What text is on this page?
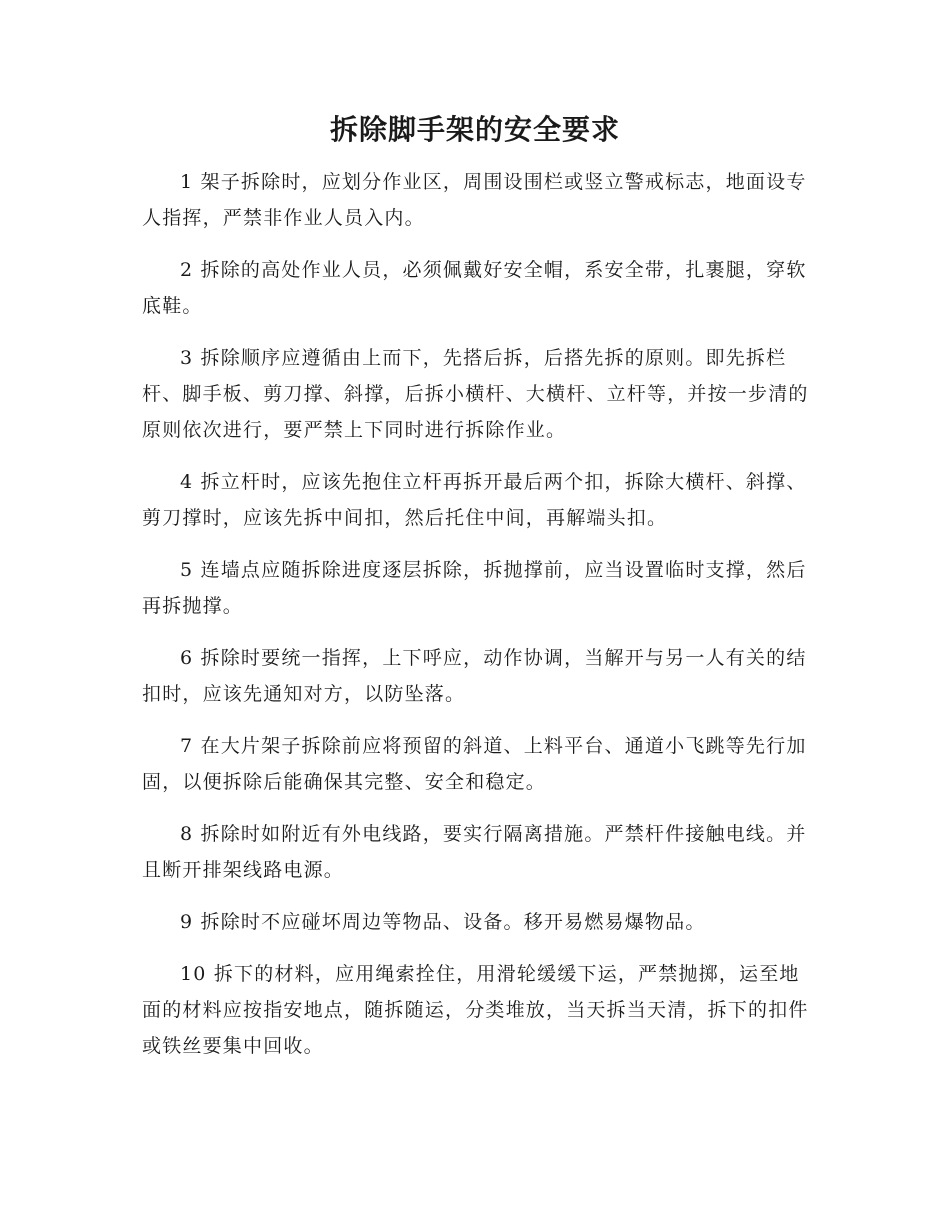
拆除脚手架的安全要求

1 架子拆除时，应划分作业区，周围设围栏或竖立警戒标志，地面设专人指挥，严禁非作业人员入内。

2 拆除的高处作业人员，必须佩戴好安全帽，系安全带，扎裹腿，穿软底鞋。

3 拆除顺序应遵循由上而下，先搭后拆，后搭先拆的原则。即先拆栏杆、脚手板、剪刀撑、斜撑，后拆小横杆、大横杆、立杆等，并按一步清的原则依次进行，要严禁上下同时进行拆除作业。

4 拆立杆时，应该先抱住立杆再拆开最后两个扣，拆除大横杆、斜撑、剪刀撑时，应该先拆中间扣，然后托住中间，再解端头扣。

5 连墙点应随拆除进度逐层拆除，拆抛撑前，应当设置临时支撑，然后再拆抛撑。

6 拆除时要统一指挥，上下呼应，动作协调，当解开与另一人有关的结扣时，应该先通知对方，以防坠落。

7 在大片架子拆除前应将预留的斜道、上料平台、通道小飞跳等先行加固，以便拆除后能确保其完整、安全和稳定。

8 拆除时如附近有外电线路，要实行隔离措施。严禁杆件接触电线。并且断开排架线路电源。

9 拆除时不应碰坏周边等物品、设备。移开易燃易爆物品。

10 拆下的材料，应用绳索拴住，用滑轮缓缓下运，严禁抛掷，运至地面的材料应按指安地点，随拆随运，分类堆放，当天拆当天清，拆下的扣件或铁丝要集中回收。
